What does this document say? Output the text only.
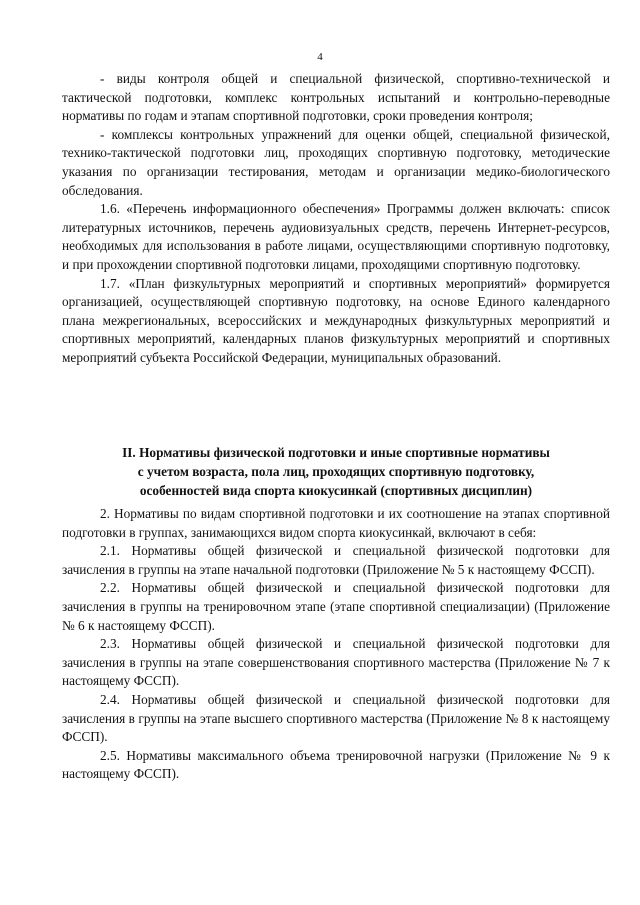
4

- виды контроля общей и специальной физической, спортивно-технической и тактической подготовки, комплекс контрольных испытаний и контрольно-переводные нормативы по годам и этапам спортивной подготовки, сроки проведения контроля;

- комплексы контрольных упражнений для оценки общей, специальной физической, технико-тактической подготовки лиц, проходящих спортивную подготовку, методические указания по организации тестирования, методам и организации медико-биологического обследования.

1.6. «Перечень информационного обеспечения» Программы должен включать: список литературных источников, перечень аудиовизуальных средств, перечень Интернет-ресурсов, необходимых для использования в работе лицами, осуществляющими спортивную подготовку, и при прохождении спортивной подготовки лицами, проходящими спортивную подготовку.

1.7. «План физкультурных мероприятий и спортивных мероприятий» формируется организацией, осуществляющей спортивную подготовку, на основе Единого календарного плана межрегиональных, всероссийских и международных физкультурных мероприятий и спортивных мероприятий, календарных планов физкультурных мероприятий и спортивных мероприятий субъекта Российской Федерации, муниципальных образований.

II. Нормативы физической подготовки и иные спортивные нормативы
с учетом возраста, пола лиц, проходящих спортивную подготовку,
особенностей вида спорта киокусинкай (спортивных дисциплин)

2. Нормативы по видам спортивной подготовки и их соотношение на этапах спортивной подготовки в группах, занимающихся видом спорта киокусинкай, включают в себя:

2.1. Нормативы общей физической и специальной физической подготовки для зачисления в группы на этапе начальной подготовки (Приложение № 5 к настоящему ФССП).

2.2. Нормативы общей физической и специальной физической подготовки для зачисления в группы на тренировочном этапе (этапе спортивной специализации) (Приложение № 6 к настоящему ФССП).

2.3. Нормативы общей физической и специальной физической подготовки для зачисления в группы на этапе совершенствования спортивного мастерства (Приложение № 7 к настоящему ФССП).

2.4. Нормативы общей физической и специальной физической подготовки для зачисления в группы на этапе высшего спортивного мастерства (Приложение № 8 к настоящему ФССП).

2.5. Нормативы максимального объема тренировочной нагрузки (Приложение № 9 к настоящему ФССП).
